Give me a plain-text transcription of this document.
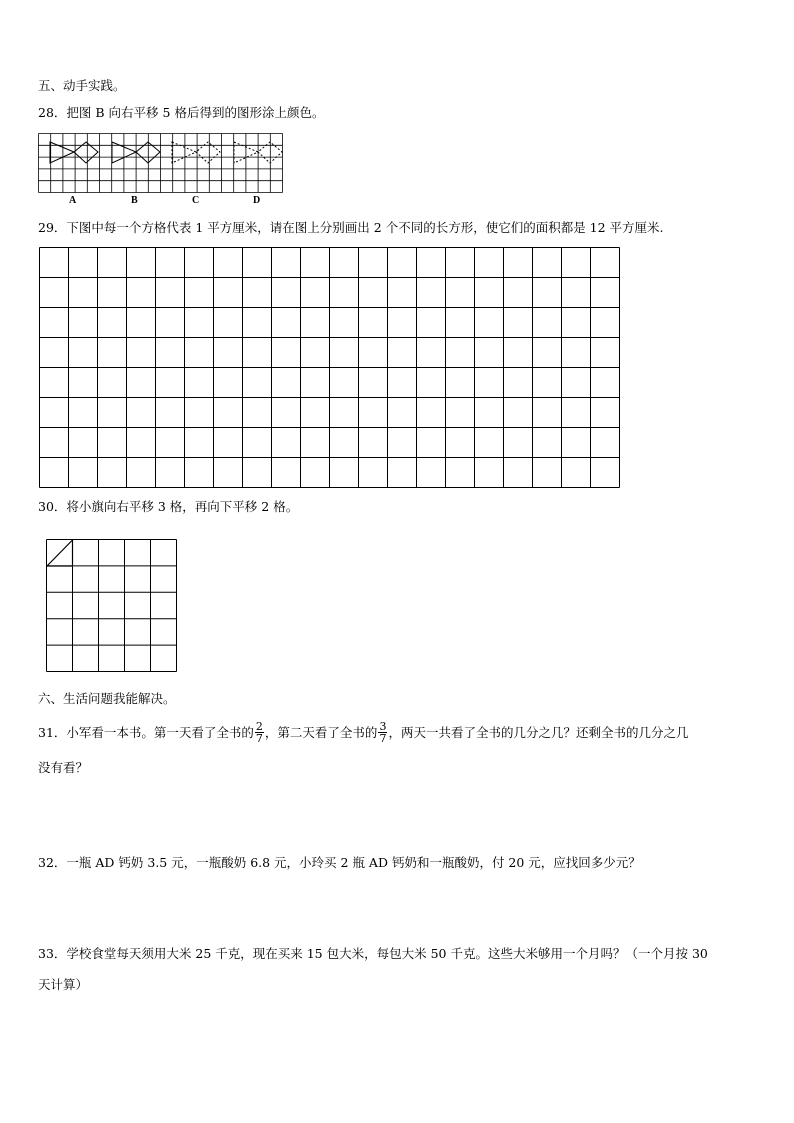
五、动手实践。
28．把图 B 向右平移 5 格后得到的图形涂上颜色。
A	B	C	D
29．下图中每一个方格代表 1 平方厘米，请在图上分别画出 2 个不同的长方形，使它们的面积都是 12 平方厘米.
30．将小旗向右平移 3 格，再向下平移 2 格。
六、生活问题我能解决。
31．小军看一本书。第一天看了全书的 $\frac{2}{7}$ ，第二天看了全书的 $\frac{3}{7}$ ，两天一共看了全书的几分之几？还剩全书的几分之几
没有看？
32．一瓶 AD 钙奶 3.5 元，一瓶酸奶 6.8 元，小玲买 2 瓶 AD 钙奶和一瓶酸奶，付 20 元，应找回多少元？
33．学校食堂每天须用大米 25 千克，现在买来 15 包大米，每包大米 50 千克。这些大米够用一个月吗？（一个月按 30
天计算）
